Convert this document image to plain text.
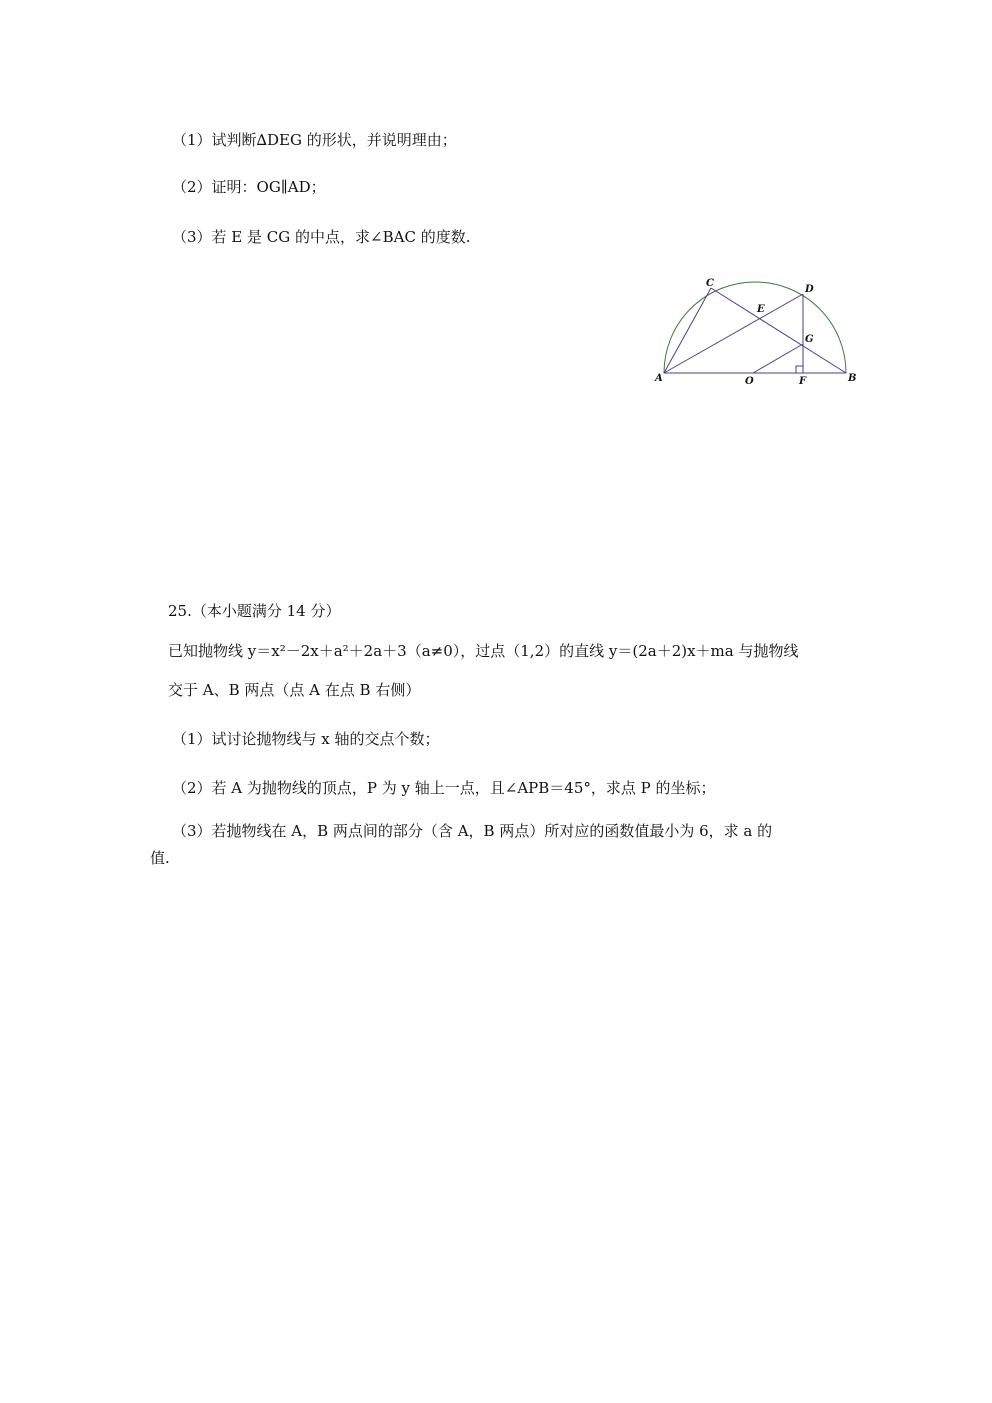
（1）试判断∆DEG 的形状，并说明理由；
（2）证明：OG∥AD；
（3）若 E 是 CG 的中点，求∠BAC 的度数.
A	B
C
D
E
F
G
O
25.（本小题满分 14 分）
已知抛物线 y＝x²－2x＋a²＋2a＋3（a≠0），过点（1,2）的直线 y＝(2a＋2)x＋ma 与抛物线
交于 A、B 两点（点 A 在点 B 右侧）
（1）试讨论抛物线与 x 轴的交点个数；
（2）若 A 为抛物线的顶点，P 为 y 轴上一点，且∠APB＝45°，求点 P 的坐标；
（3）若抛物线在 A，B 两点间的部分（含 A，B 两点）所对应的函数值最小为 6，求 a 的
值.
